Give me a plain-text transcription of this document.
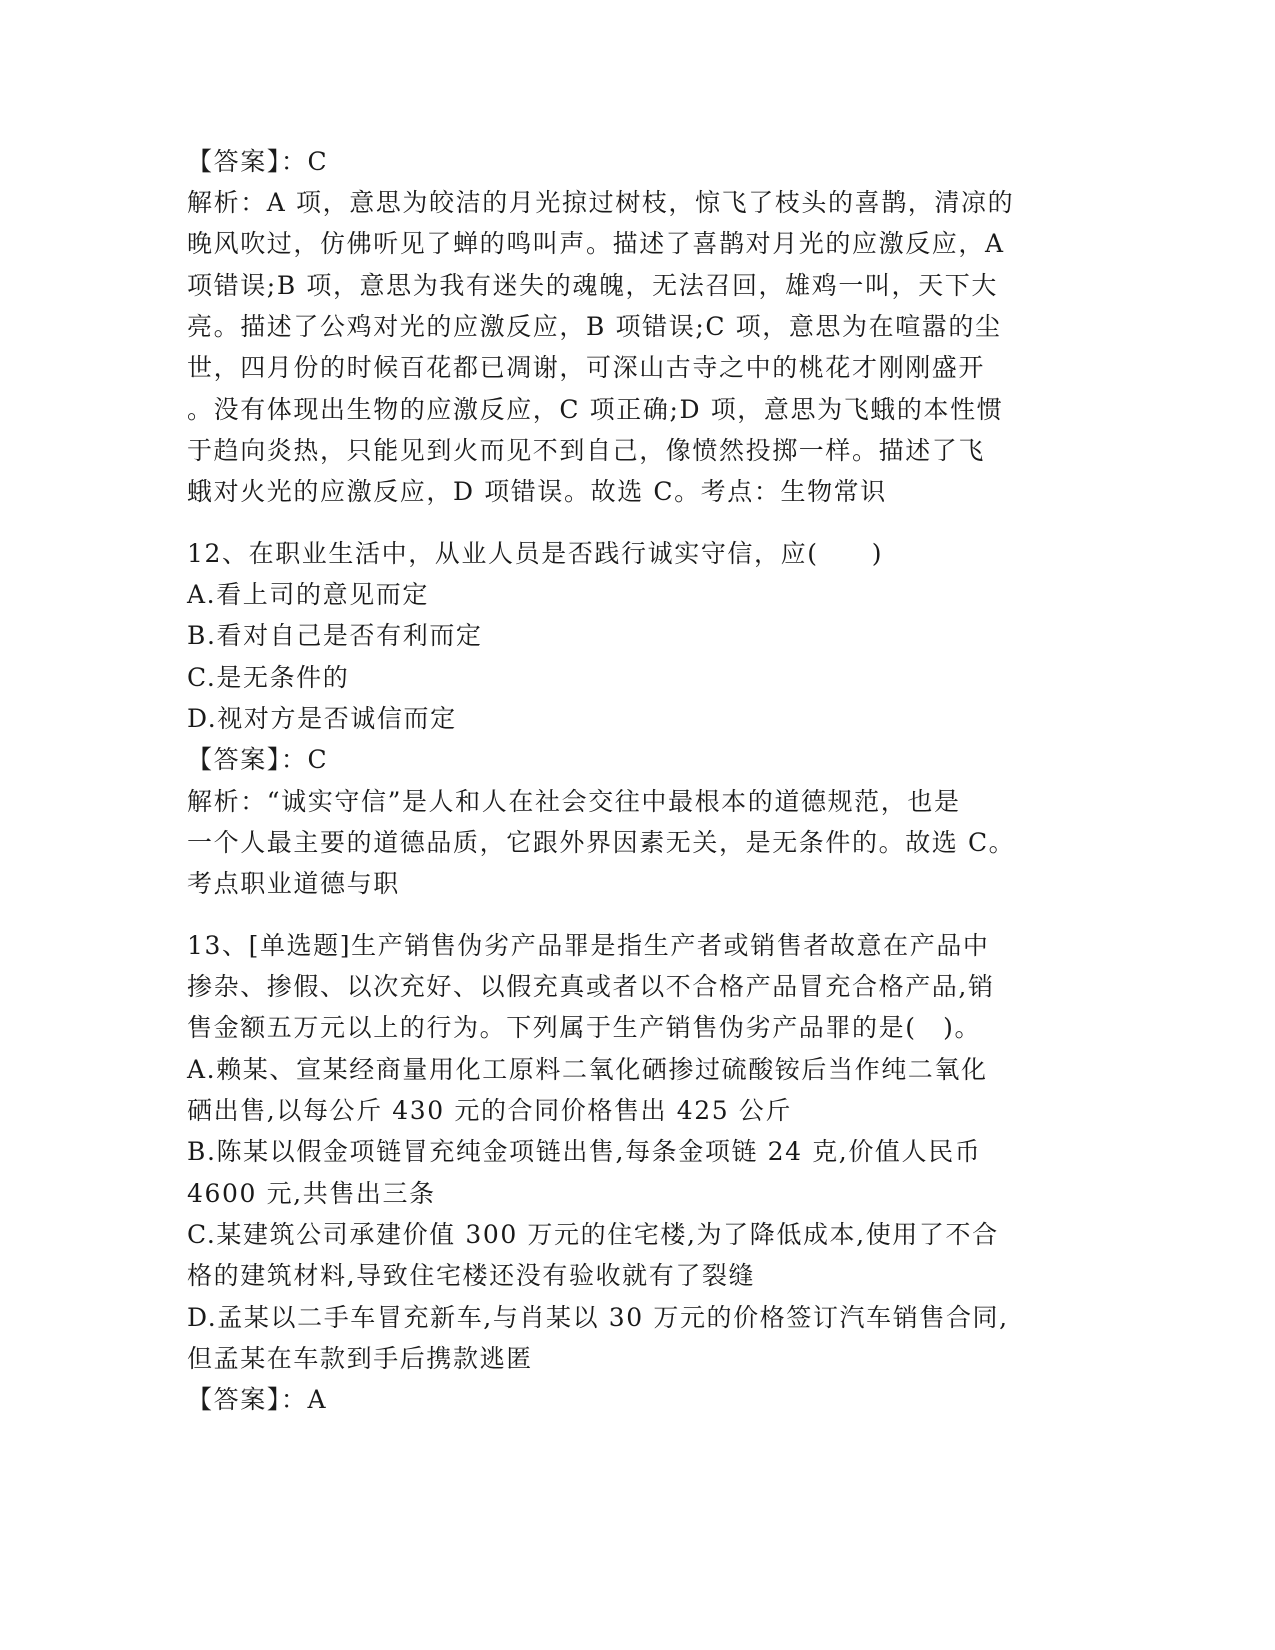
【答案】：C
解析：A 项，意思为皎洁的月光掠过树枝，惊飞了枝头的喜鹊，清凉的
晚风吹过，仿佛听见了蝉的鸣叫声。描述了喜鹊对月光的应激反应，A
项错误;B 项，意思为我有迷失的魂魄，无法召回，雄鸡一叫，天下大
亮。描述了公鸡对光的应激反应，B 项错误;C 项，意思为在喧嚣的尘
世，四月份的时候百花都已凋谢，可深山古寺之中的桃花才刚刚盛开
。没有体现出生物的应激反应，C 项正确;D 项，意思为飞蛾的本性惯
于趋向炎热，只能见到火而见不到自己，像愤然投掷一样。描述了飞
蛾对火光的应激反应，D 项错误。故选 C。考点：生物常识
12、在职业生活中，从业人员是否践行诚实守信，应(　　)
A.看上司的意见而定
B.看对自己是否有利而定
C.是无条件的
D.视对方是否诚信而定
【答案】：C
解析：“诚实守信”是人和人在社会交往中最根本的道德规范，也是
一个人最主要的道德品质，它跟外界因素无关，是无条件的。故选 C。
考点职业道德与职
13、[单选题]生产销售伪劣产品罪是指生产者或销售者故意在产品中
掺杂、掺假、以次充好、以假充真或者以不合格产品冒充合格产品,销
售金额五万元以上的行为。下列属于生产销售伪劣产品罪的是(　)。
A.赖某、宣某经商量用化工原料二氧化硒掺过硫酸铵后当作纯二氧化
硒出售,以每公斤 430 元的合同价格售出 425 公斤
B.陈某以假金项链冒充纯金项链出售,每条金项链 24 克,价值人民币
4600 元,共售出三条
C.某建筑公司承建价值 300 万元的住宅楼,为了降低成本,使用了不合
格的建筑材料,导致住宅楼还没有验收就有了裂缝
D.孟某以二手车冒充新车,与肖某以 30 万元的价格签订汽车销售合同,
但孟某在车款到手后携款逃匿
【答案】：A
